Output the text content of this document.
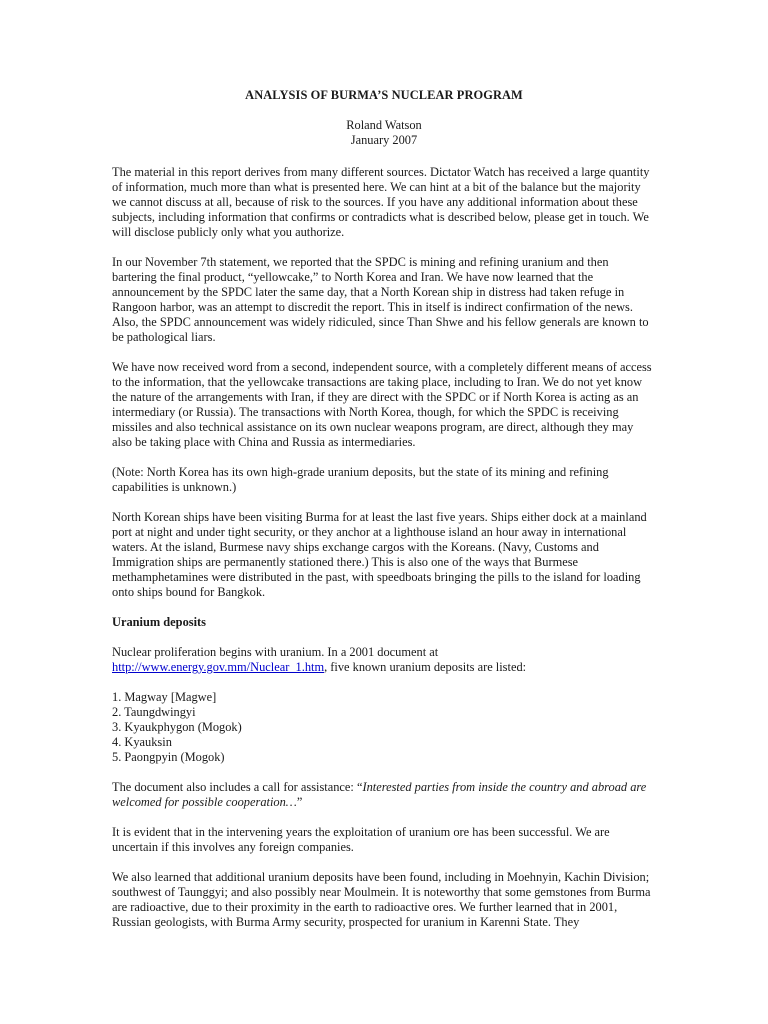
ANALYSIS OF BURMA’S NUCLEAR PROGRAM
Roland Watson
January 2007

The material in this report derives from many different sources. Dictator Watch has received a large quantity of information, much more than what is presented here. We can hint at a bit of the balance but the majority we cannot discuss at all, because of risk to the sources. If you have any additional information about these subjects, including information that confirms or contradicts what is described below, please get in touch. We will disclose publicly only what you authorize.

In our November 7th statement, we reported that the SPDC is mining and refining uranium and then bartering the final product, “yellowcake,” to North Korea and Iran. We have now learned that the announcement by the SPDC later the same day, that a North Korean ship in distress had taken refuge in Rangoon harbor, was an attempt to discredit the report. This in itself is indirect confirmation of the news. Also, the SPDC announcement was widely ridiculed, since Than Shwe and his fellow generals are known to be pathological liars.

We have now received word from a second, independent source, with a completely different means of access to the information, that the yellowcake transactions are taking place, including to Iran. We do not yet know the nature of the arrangements with Iran, if they are direct with the SPDC or if North Korea is acting as an intermediary (or Russia). The transactions with North Korea, though, for which the SPDC is receiving missiles and also technical assistance on its own nuclear weapons program, are direct, although they may also be taking place with China and Russia as intermediaries.

(Note: North Korea has its own high-grade uranium deposits, but the state of its mining and refining capabilities is unknown.)

North Korean ships have been visiting Burma for at least the last five years. Ships either dock at a mainland port at night and under tight security, or they anchor at a lighthouse island an hour away in international waters. At the island, Burmese navy ships exchange cargos with the Koreans. (Navy, Customs and Immigration ships are permanently stationed there.) This is also one of the ways that Burmese methamphetamines were distributed in the past, with speedboats bringing the pills to the island for loading onto ships bound for Bangkok.

Uranium deposits

Nuclear proliferation begins with uranium. In a 2001 document at
http://www.energy.gov.mm/Nuclear_1.htm, five known uranium deposits are listed:

1. Magway [Magwe]
2. Taungdwingyi
3. Kyaukphygon (Mogok)
4. Kyauksin
5. Paongpyin (Mogok)

The document also includes a call for assistance: “Interested parties from inside the country and abroad are welcomed for possible cooperation…”

It is evident that in the intervening years the exploitation of uranium ore has been successful. We are uncertain if this involves any foreign companies.

We also learned that additional uranium deposits have been found, including in Moehnyin, Kachin Division; southwest of Taunggyi; and also possibly near Moulmein. It is noteworthy that some gemstones from Burma are radioactive, due to their proximity in the earth to radioactive ores. We further learned that in 2001, Russian geologists, with Burma Army security, prospected for uranium in Karenni State. They
